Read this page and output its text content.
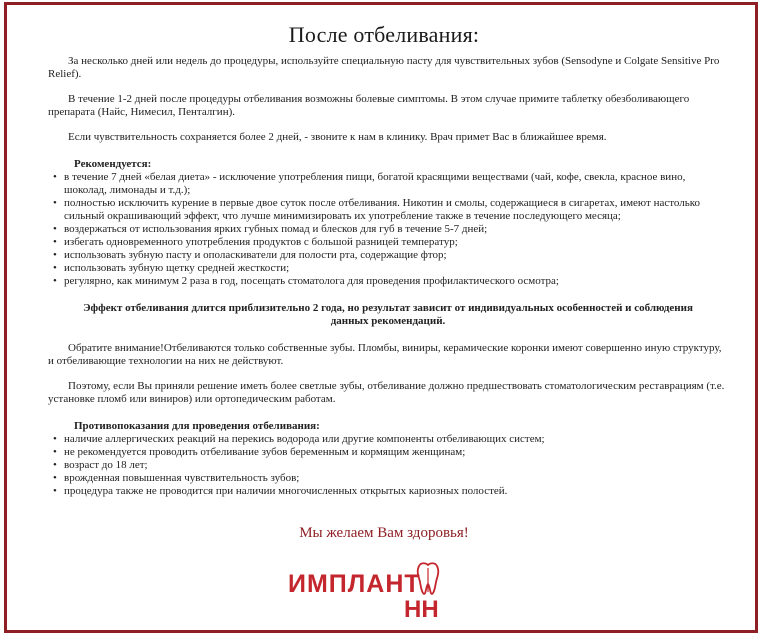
После отбеливания:

За несколько дней или недель до процедуры, используйте специальную пасту для чувствительных зубов (Sensodyne и Colgate Sensitive Pro Relief).

В течение 1-2 дней после процедуры отбеливания возможны болевые симптомы. В этом случае примите таблетку обезболивающего препарата (Найс, Нимесил, Пенталгин).

Если чувствительность сохраняется более 2 дней, - звоните к нам в клинику. Врач примет Вас в ближайшее время.

Рекомендуется:

• в течение 7 дней «белая диета» - исключение употребления пищи, богатой красящими веществами (чай, кофе, свекла, красное вино, шоколад, лимонады и т.д.);
• полностью исключить курение в первые двое суток после отбеливания. Никотин и смолы, содержащиеся в сигаретах, имеют настолько сильный окрашивающий эффект, что лучше минимизировать их употребление также в течение последующего месяца;
• воздержаться от использования ярких губных помад и блесков для губ в течение 5-7 дней;
• избегать одновременного употребления продуктов с большой разницей температур;
• использовать зубную пасту и ополаскиватели для полости рта, содержащие фтор;
• использовать зубную щетку средней жесткости;
• регулярно, как минимум 2 раза в год, посещать стоматолога для проведения профилактического осмотра;

Эффект отбеливания длится приблизительно 2 года, но результат зависит от индивидуальных особенностей и соблюдения
данных рекомендаций.

Обратите внимание!Отбеливаются только собственные зубы. Пломбы, виниры, керамические коронки имеют совершенно иную структуру, и отбеливающие технологии на них не действуют.

Поэтому, если Вы приняли решение иметь более светлые зубы, отбеливание должно предшествовать стоматологическим реставрациям (т.е. установке пломб или виниров) или ортопедическим работам.

Противопоказания для проведения отбеливания:

• наличие аллергических реакций на перекись водорода или другие компоненты отбеливающих систем;
• не рекомендуется проводить отбеливание зубов беременным и кормящим женщинам;
• возраст до 18 лет;
• врожденная повышенная чувствительность зубов;
• процедура также не проводится при наличии многочисленных открытых кариозных полостей.
Мы желаем Вам здоровья!
ИМПЛАНТ
НН
